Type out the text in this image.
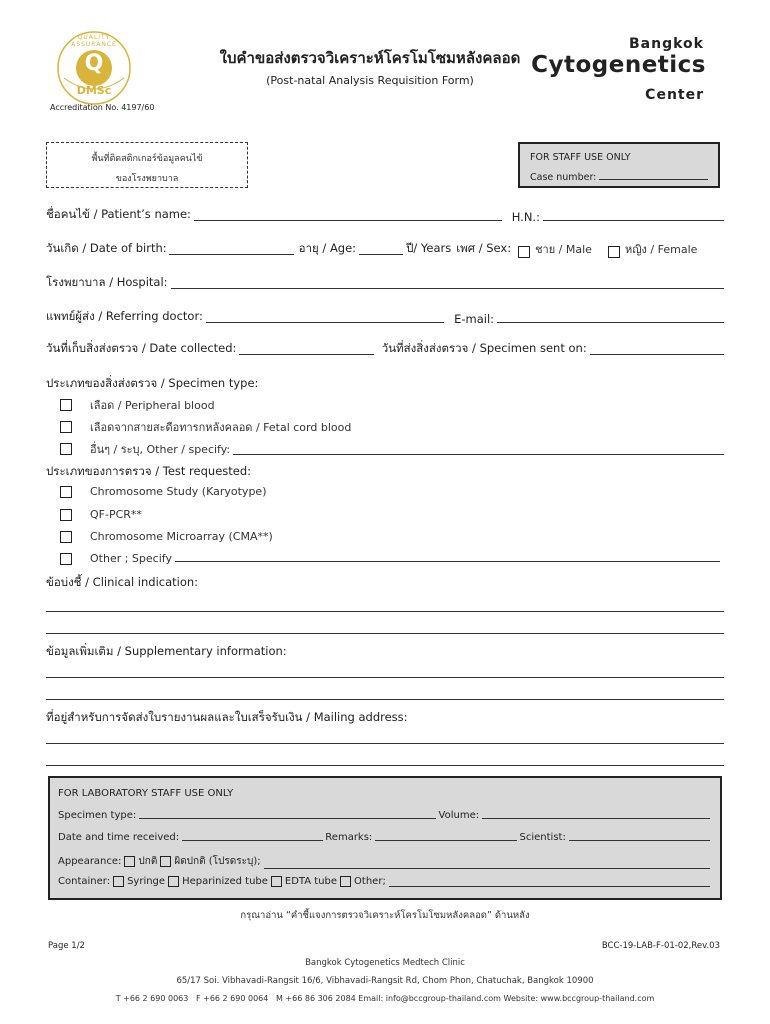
QUALITY ASSURANCE
Q
DMSc
Accreditation No. 4197/60
ใบคำขอส่งตรวจวิเคราะห์โครโมโซมหลังคลอด
(Post-natal Analysis Requisition Form)
Bangkok
Cytogenetics
Center
พื้นที่ติดสติกเกอร์ข้อมูลคนไข้
ของโรงพยาบาล
FOR STAFF USE ONLY
Case number:
ชื่อคนไข้ / Patient’s name:	H.N.:
วันเกิด / Date of birth:	อายุ / Age:	ปี/ Years เพศ / Sex: ชาย / Male	หญิง / Female
โรงพยาบาล / Hospital:
แพทย์ผู้ส่ง / Referring doctor:	E-mail:
วันที่เก็บสิ่งส่งตรวจ / Date collected:	วันที่ส่งสิ่งส่งตรวจ / Specimen sent on:
ประเภทของสิ่งส่งตรวจ / Specimen type:
เลือด / Peripheral blood
เลือดจากสายสะดือทารกหลังคลอด / Fetal cord blood
อื่นๆ / ระบุ, Other / specify:
ประเภทของการตรวจ / Test requested:
Chromosome Study (Karyotype)
QF-PCR**
Chromosome Microarray (CMA**)
Other ; Specify
ข้อบ่งชี้ / Clinical indication:
ข้อมูลเพิ่มเติม / Supplementary information:
ที่อยู่สำหรับการจัดส่งใบรายงานผลและใบเสร็จรับเงิน / Mailing address:
FOR LABORATORY STAFF USE ONLY
Specimen type:	Volume:
Date and time received:	Remarks:	Scientist:
Appearance: ปกติ ผิดปกติ (โปรดระบุ);
Container: Syringe Heparinized tube EDTA tube Other;
กรุณาอ่าน “คำชี้แจงการตรวจวิเคราะห์โครโมโซมหลังคลอด” ด้านหลัง
Page 1/2	BCC-19-LAB-F-01-02,Rev.03
Bangkok Cytogenetics Medtech Clinic
65/17 Soi. Vibhavadi-Rangsit 16/6, Vibhavadi-Rangsit Rd, Chom Phon, Chatuchak, Bangkok 10900
T +66 2 690 0063   F +66 2 690 0064   M +66 86 306 2084 Email: info@bccgroup-thailand.com Website: www.bccgroup-thailand.com
